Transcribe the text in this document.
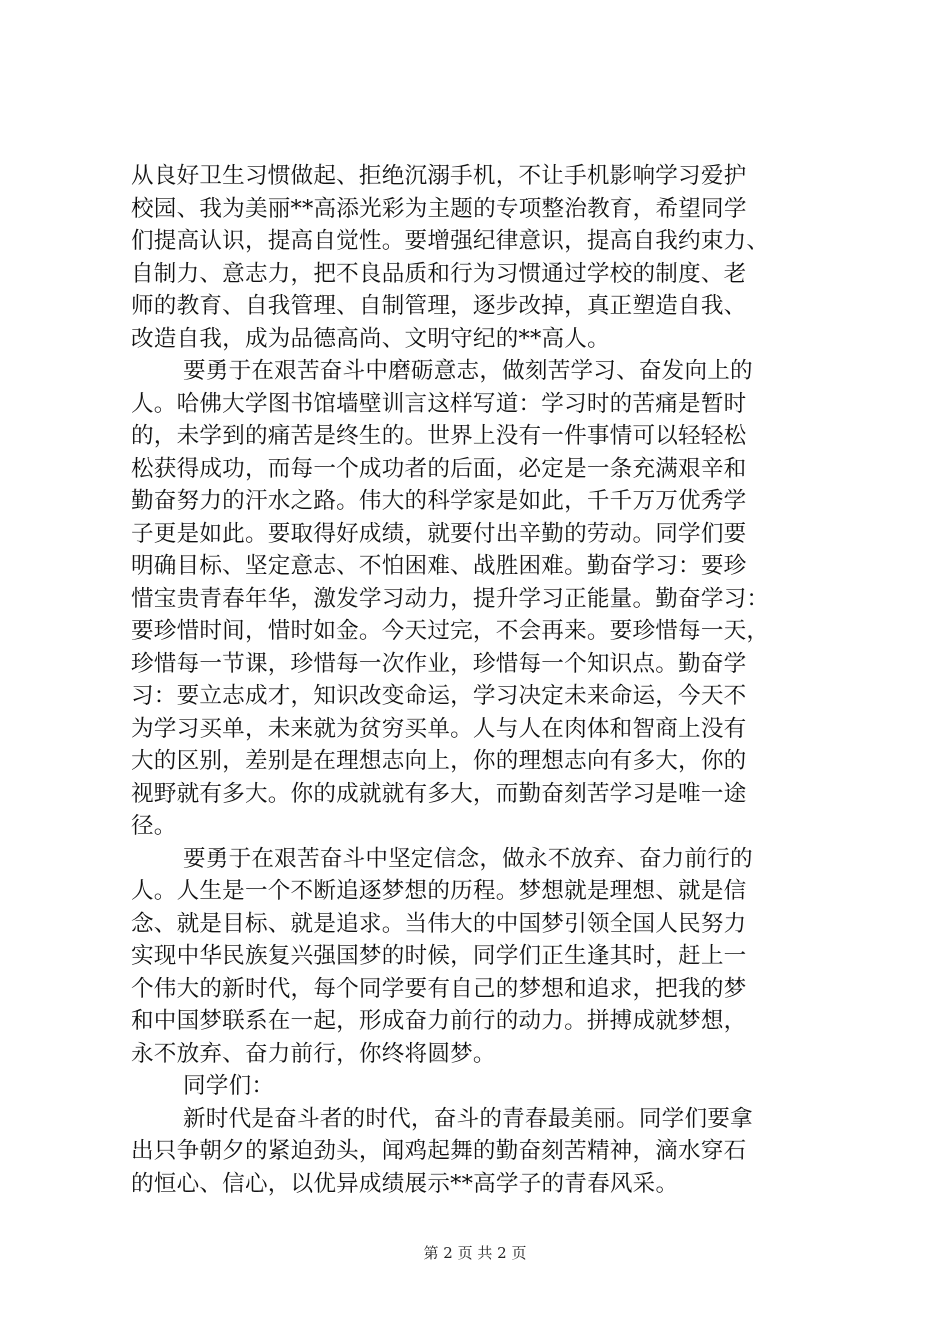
从良好卫生习惯做起、拒绝沉溺手机，不让手机影响学习爱护
校园、我为美丽**高添光彩为主题的专项整治教育，希望同学
们提高认识，提高自觉性。要增强纪律意识，提高自我约束力、
自制力、意志力，把不良品质和行为习惯通过学校的制度、老
师的教育、自我管理、自制管理，逐步改掉，真正塑造自我、
改造自我，成为品德高尚、文明守纪的**高人。
要勇于在艰苦奋斗中磨砺意志，做刻苦学习、奋发向上的
人。哈佛大学图书馆墙壁训言这样写道：学习时的苦痛是暂时
的，未学到的痛苦是终生的。世界上没有一件事情可以轻轻松
松获得成功，而每一个成功者的后面，必定是一条充满艰辛和
勤奋努力的汗水之路。伟大的科学家是如此，千千万万优秀学
子更是如此。要取得好成绩，就要付出辛勤的劳动。同学们要
明确目标、坚定意志、不怕困难、战胜困难。勤奋学习：要珍
惜宝贵青春年华，激发学习动力，提升学习正能量。勤奋学习：
要珍惜时间，惜时如金。今天过完，不会再来。要珍惜每一天，
珍惜每一节课，珍惜每一次作业，珍惜每一个知识点。勤奋学
习：要立志成才，知识改变命运，学习决定未来命运，今天不
为学习买单，未来就为贫穷买单。人与人在肉体和智商上没有
大的区别，差别是在理想志向上，你的理想志向有多大，你的
视野就有多大。你的成就就有多大，而勤奋刻苦学习是唯一途
径。
要勇于在艰苦奋斗中坚定信念，做永不放弃、奋力前行的
人。人生是一个不断追逐梦想的历程。梦想就是理想、就是信
念、就是目标、就是追求。当伟大的中国梦引领全国人民努力
实现中华民族复兴强国梦的时候，同学们正生逢其时，赶上一
个伟大的新时代，每个同学要有自己的梦想和追求，把我的梦
和中国梦联系在一起，形成奋力前行的动力。拼搏成就梦想，
永不放弃、奋力前行，你终将圆梦。
同学们：
新时代是奋斗者的时代，奋斗的青春最美丽。同学们要拿
出只争朝夕的紧迫劲头，闻鸡起舞的勤奋刻苦精神，滴水穿石
的恒心、信心，以优异成绩展示**高学子的青春风采。
第 2 页 共 2 页
